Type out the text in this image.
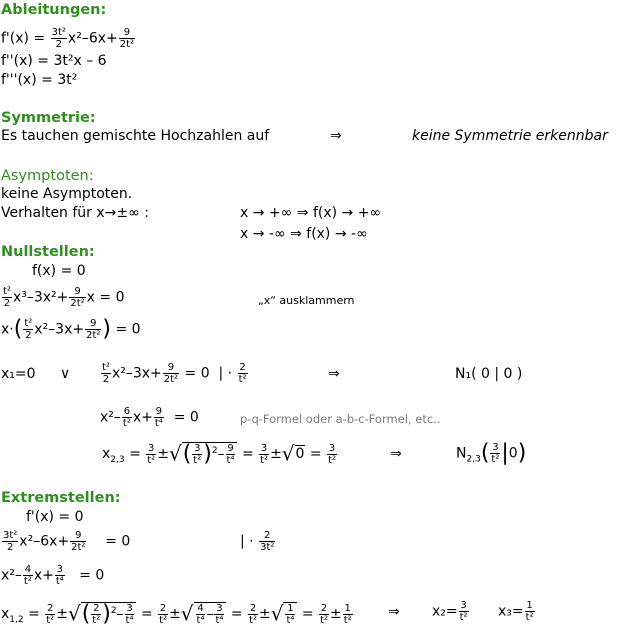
Ableitungen:
$f'(x) = \frac{\text{3t²}}{2} x^2-6x+ \frac{9}{\text{2t²}}$
f''(x) = 3t²x – 6
f'''(x) = 3t²
Symmetrie:
Es tauchen gemischte Hochzahlen auf	⇒	keine Symmetrie erkennbar
Asymptoten:
keine Asymptoten.
Verhalten für x→±∞ :	x → +∞ ⇒ f(x) → +∞
x → -∞ ⇒ f(x) → -∞
Nullstellen:
f(x) = 0
$\frac{\text{t²}}{2} x^3-3x^2+ \frac{9}{\text{2t²}}$ x = 0	„x“ ausklammern
$x\cdot( \frac{\text{t²}}{2} x^2-3x+ \frac{9}{\text{2t²}}$ ) = 0
x₁=0 ∨	$\frac{\text{t²}}{2} x^2-3x+ \frac{9}{\text{2t²}} = 0$ | · $\frac{2}{\text{t²}}$	⇒	N₁( 0 | 0 )
$x^2- \frac{6}{\text{t²}} x+ \frac{9}{\text{t⁴}} = 0$	p-q-Formel oder a-b-c-Formel, etc..
$x_{2,3} = \frac{3}{\text{t²}}$ ±√( $\frac{3}{\text{t²}} )^2- \frac{9}{\text{t⁴}} = \frac{3}{\text{t²}} \pm√0 = \frac{3}{\text{t²}}$	⇒	$N_{2,3}( \frac{3}{\text{t²}} |0)$
Extremstellen:
f'(x) = 0
$\frac{\text{3t²}}{2} x^2-6x+ \frac{9}{\text{2t²}} = 0$	| · $\frac{2}{\text{3t²}}$
$x^2- \frac{4}{\text{t²}} x+ \frac{3}{\text{t⁴}} = 0$
$x_{1,2} = \frac{2}{\text{t²}}$ ±√( $\frac{2}{\text{t²}} )^2- \frac{3}{\text{t⁴}} = \frac{2}{\text{t²}}$ ±√ $\frac{4}{\text{t⁴}} - \frac{3}{\text{t⁴}} = \frac{2}{\text{t²}}$ ±√ $\frac{1}{\text{t⁴}} = \frac{2}{\text{t²}} \pm \frac{1}{\text{t²}}$	⇒ $x_2= \frac{3}{\text{t²}} x_3= \frac{1}{\text{t²}}$
